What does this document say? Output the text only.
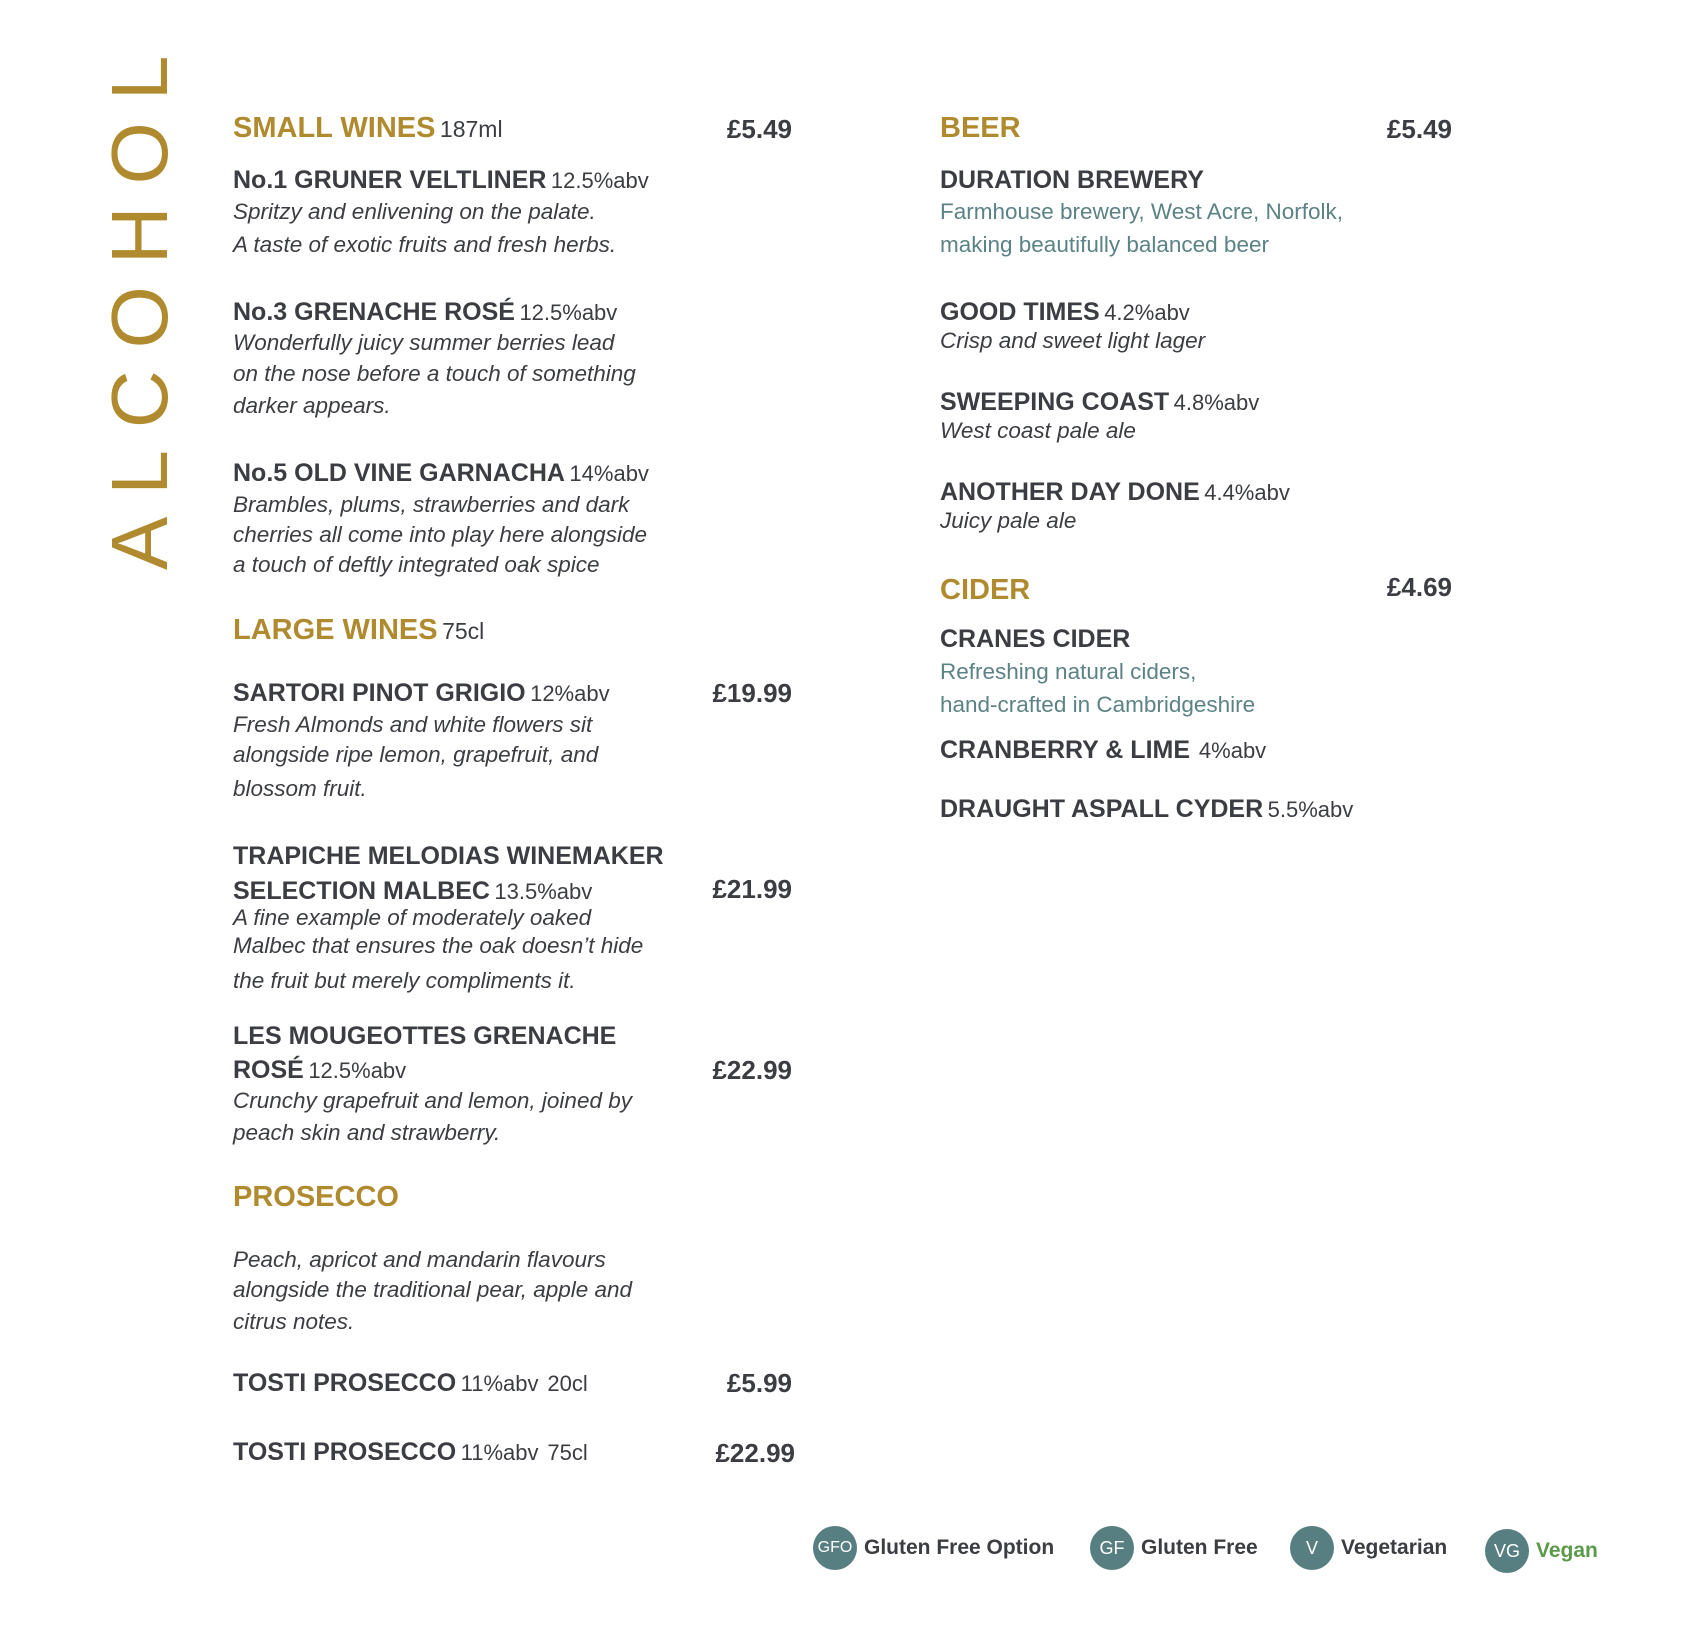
ALCOHOL SMALL WINES 187ml	£5.49
No.1 GRUNER VELTLINER 12.5%abv
Spritzy and enlivening on the palate.
A taste of exotic fruits and fresh herbs.
No.3 GRENACHE ROSÉ 12.5%abv
Wonderfully juicy summer berries lead
on the nose before a touch of something
darker appears.
No.5 OLD VINE GARNACHA 14%abv
Brambles, plums, strawberries and dark
cherries all come into play here alongside
a touch of deftly integrated oak spice
LARGE WINES 75cl
SARTORI PINOT GRIGIO 12%abv	£19.99
Fresh Almonds and white flowers sit
alongside ripe lemon, grapefruit, and
blossom fruit.
TRAPICHE MELODIAS WINEMAKER
SELECTION MALBEC 13.5%abv	£21.99
A fine example of moderately oaked
Malbec that ensures the oak doesn’t hide
the fruit but merely compliments it.
LES MOUGEOTTES GRENACHE
ROSÉ 12.5%abv	£22.99
Crunchy grapefruit and lemon, joined by
peach skin and strawberry.
PROSECCO
Peach, apricot and mandarin flavours
alongside the traditional pear, apple and
citrus notes.
TOSTI PROSECCO 11%abv 20cl	£5.99
TOSTI PROSECCO 11%abv 75cl	£22.99
BEER	£5.49
DURATION BREWERY
Farmhouse brewery, West Acre, Norfolk,
making beautifully balanced beer
GOOD TIMES 4.2%abv
Crisp and sweet light lager
SWEEPING COAST 4.8%abv
West coast pale ale
ANOTHER DAY DONE 4.4%abv
Juicy pale ale
CIDER	£4.69
CRANES CIDER
Refreshing natural ciders,
hand-crafted in Cambridgeshire
CRANBERRY & LIME 4%abv
DRAUGHT ASPALL CYDER 5.5%abv
GFO Gluten Free Option	GF Gluten Free	V	Vegetarian	VG Vegan
